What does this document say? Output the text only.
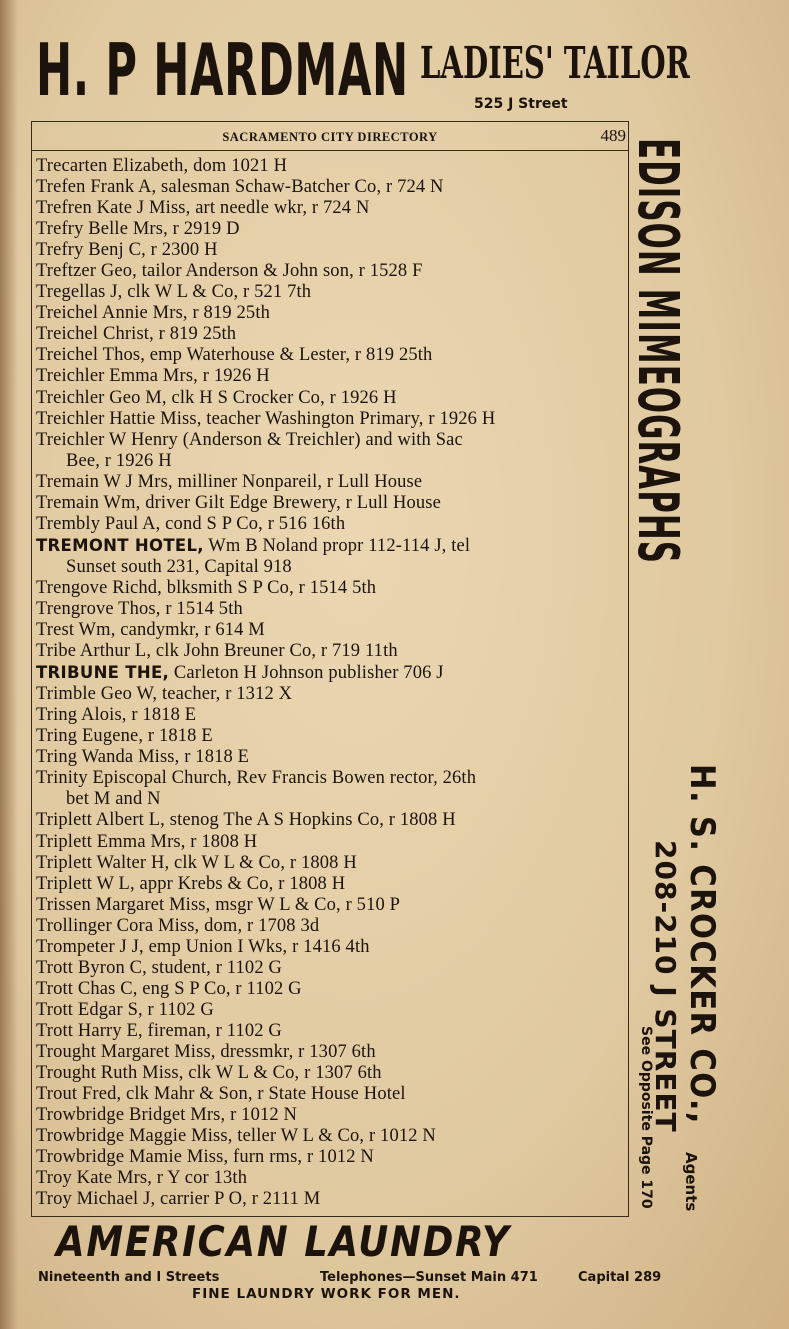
H. P HARDMAN LADIES' TAILOR
525 J Street
SACRAMENTO CITY DIRECTORY	489
Trecarten Elizabeth, dom 1021 H
Trefen Frank A, salesman Schaw-Batcher Co, r 724 N
Trefren Kate J Miss, art needle wkr, r 724 N
Trefry Belle Mrs, r 2919 D
Trefry Benj C, r 2300 H
Treftzer Geo, tailor Anderson & John son, r 1528 F
Tregellas J, clk W L & Co, r 521 7th
Treichel Annie Mrs, r 819 25th
Treichel Christ, r 819 25th
Treichel Thos, emp Waterhouse & Lester, r 819 25th
Treichler Emma Mrs, r 1926 H
Treichler Geo M, clk H S Crocker Co, r 1926 H
Treichler Hattie Miss, teacher Washington Primary, r 1926 H
Treichler W Henry (Anderson & Treichler) and with Sac
Bee, r 1926 H
Tremain W J Mrs, milliner Nonpareil, r Lull House
Tremain Wm, driver Gilt Edge Brewery, r Lull House
Trembly Paul A, cond S P Co, r 516 16th
TREMONT HOTEL, Wm B Noland propr 112-114 J, tel
Sunset south 231, Capital 918
Trengove Richd, blksmith S P Co, r 1514 5th
Trengrove Thos, r 1514 5th
Trest Wm, candymkr, r 614 M
Tribe Arthur L, clk John Breuner Co, r 719 11th
TRIBUNE THE, Carleton H Johnson publisher 706 J
Trimble Geo W, teacher, r 1312 X
Tring Alois, r 1818 E
Tring Eugene, r 1818 E
Tring Wanda Miss, r 1818 E
Trinity Episcopal Church, Rev Francis Bowen rector, 26th
bet M and N
Triplett Albert L, stenog The A S Hopkins Co, r 1808 H
Triplett Emma Mrs, r 1808 H
Triplett Walter H, clk W L & Co, r 1808 H
Triplett W L, appr Krebs & Co, r 1808 H
Trissen Margaret Miss, msgr W L & Co, r 510 P
Trollinger Cora Miss, dom, r 1708 3d
Trompeter J J, emp Union I Wks, r 1416 4th
Trott Byron C, student, r 1102 G
Trott Chas C, eng S P Co, r 1102 G
Trott Edgar S, r 1102 G
Trott Harry E, fireman, r 1102 G
Trought Margaret Miss, dressmkr, r 1307 6th
Trought Ruth Miss, clk W L & Co, r 1307 6th
Trout Fred, clk Mahr & Son, r State House Hotel
Trowbridge Bridget Mrs, r 1012 N
Trowbridge Maggie Miss, teller W L & Co, r 1012 N
Trowbridge Mamie Miss, furn rms, r 1012 N
Troy Kate Mrs, r Y cor 13th
Troy Michael J, carrier P O, r 2111 M
EDISON MIMEOGRAPHS
H. S. CROCKER CO.,
Agents
208-210 J STREET
See Opposite Page 170
AMERICAN LAUNDRY
Nineteenth and I Streets	Telephones—Sunset Main 471	Capital 289
FINE LAUNDRY WORK FOR MEN.
